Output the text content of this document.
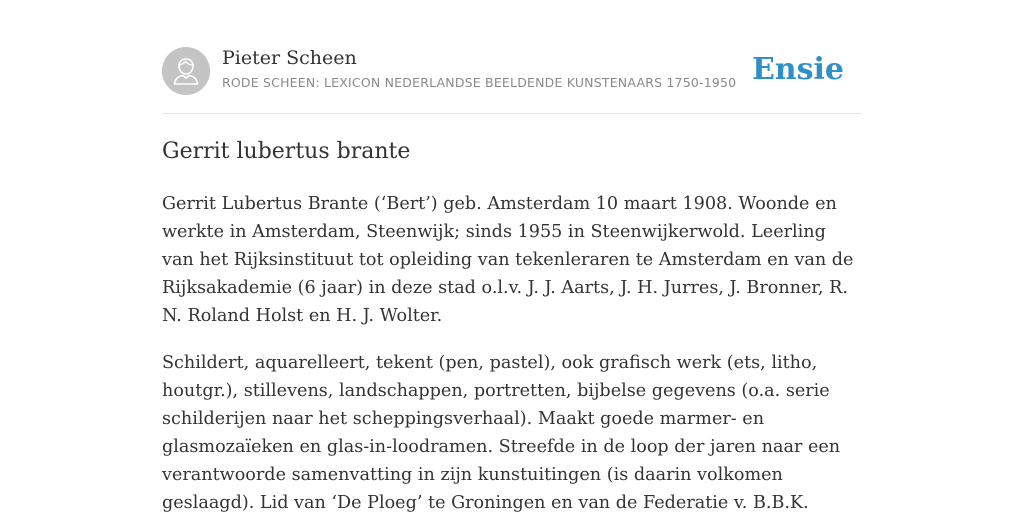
Pieter Scheen
RODE SCHEEN: LEXICON NEDERLANDSE BEELDENDE KUNSTENAARS 1750-1950 Ensie
Gerrit lubertus brante

Gerrit Lubertus Brante (‘Bert’) geb. Amsterdam 10 maart 1908. Woonde en werkte in Amsterdam, Steenwijk; sinds 1955 in Steenwijkerwold. Leerling van het Rijksinstituut tot opleiding van tekenleraren te Amsterdam en van de Rijksakademie (6 jaar) in deze stad o.l.v. J. J. Aarts, J. H. Jurres, J. Bronner, R. N. Roland Holst en H. J. Wolter.

Schildert, aquarelleert, tekent (pen, pastel), ook grafisch werk (ets, litho, houtgr.), stillevens, landschappen, portretten, bijbelse gegevens (o.a. serie schilderijen naar het scheppingsverhaal). Maakt goede marmer- en glasmozaïeken en glas-in-loodramen. Streefde in de loop der jaren naar een verantwoorde samenvatting in zijn kunstuitingen (is daarin volkomen geslaagd). Lid van ‘De Ploeg’ te Groningen en van de Federatie v. B.B.K.
